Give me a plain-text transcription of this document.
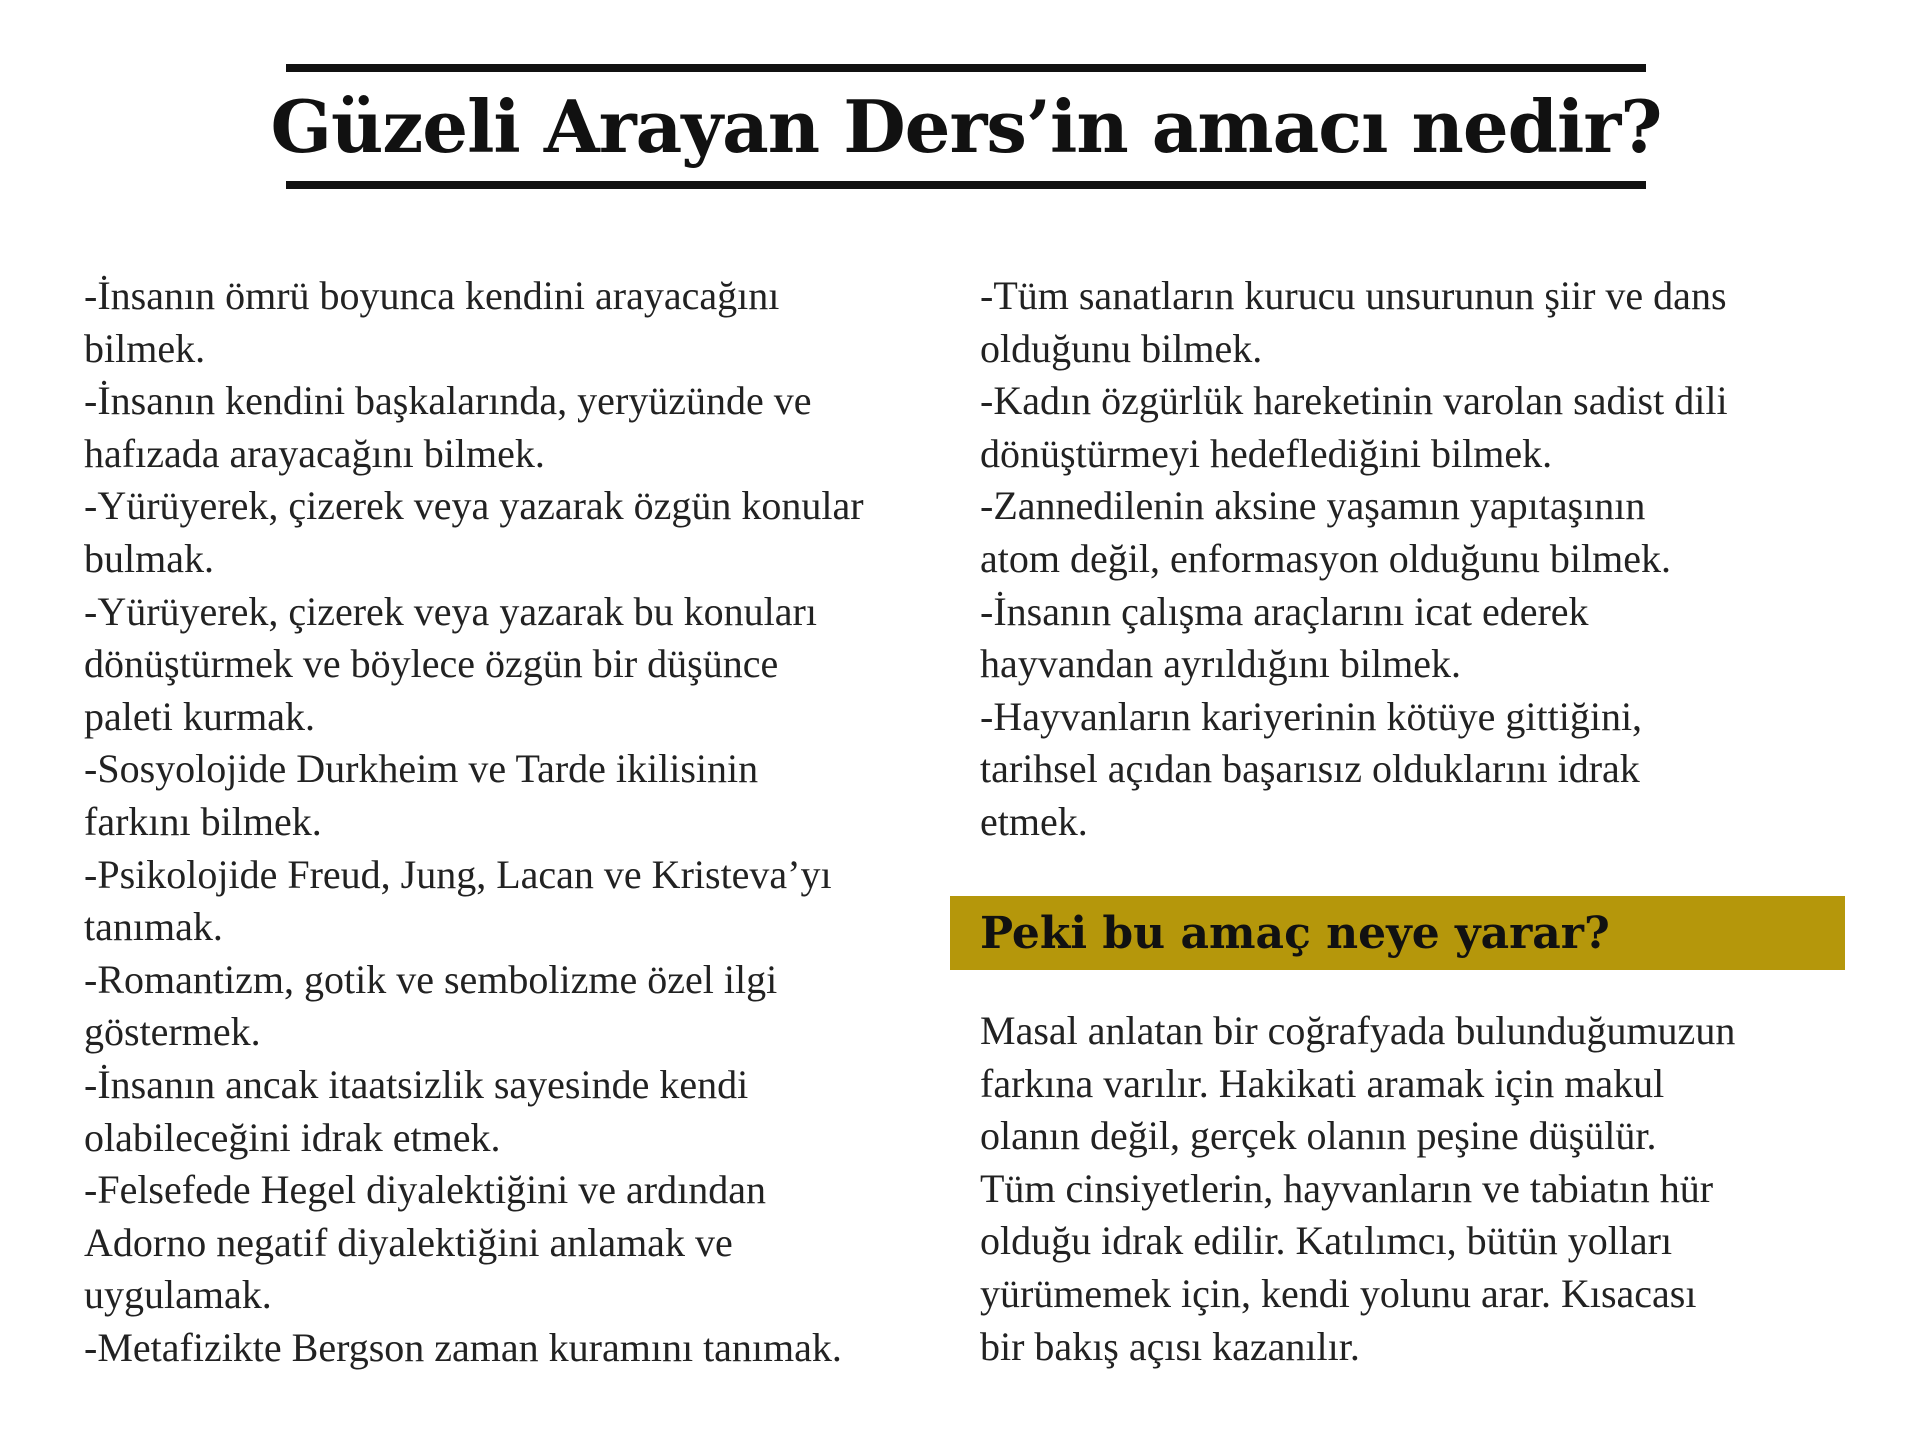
Güzeli Arayan Ders’in amacı nedir?
-İnsanın ömrü boyunca kendini arayacağını
bilmek.
-İnsanın kendini başkalarında, yeryüzünde ve
hafızada arayacağını bilmek.
-Yürüyerek, çizerek veya yazarak özgün konular
bulmak.
-Yürüyerek, çizerek veya yazarak bu konuları
dönüştürmek ve böylece özgün bir düşünce
paleti kurmak.
-Sosyolojide Durkheim ve Tarde ikilisinin
farkını bilmek.
-Psikolojide Freud, Jung, Lacan ve Kristeva’yı
tanımak.
-Romantizm, gotik ve sembolizme özel ilgi
göstermek.
-İnsanın ancak itaatsizlik sayesinde kendi
olabileceğini idrak etmek.
-Felsefede Hegel diyalektiğini ve ardından
Adorno negatif diyalektiğini anlamak ve
uygulamak.
-Metafizikte Bergson zaman kuramını tanımak.
-Tüm sanatların kurucu unsurunun şiir ve dans
olduğunu bilmek.
-Kadın özgürlük hareketinin varolan sadist dili
dönüştürmeyi hedeflediğini bilmek.
-Zannedilenin aksine yaşamın yapıtaşının
atom değil, enformasyon olduğunu bilmek.
-İnsanın çalışma araçlarını icat ederek
hayvandan ayrıldığını bilmek.
-Hayvanların kariyerinin kötüye gittiğini,
tarihsel açıdan başarısız olduklarını idrak
etmek.
Peki bu amaç neye yarar?
Masal anlatan bir coğrafyada bulunduğumuzun
farkına varılır. Hakikati aramak için makul
olanın değil, gerçek olanın peşine düşülür.
Tüm cinsiyetlerin, hayvanların ve tabiatın hür
olduğu idrak edilir. Katılımcı, bütün yolları
yürümemek için, kendi yolunu arar. Kısacası
bir bakış açısı kazanılır.
